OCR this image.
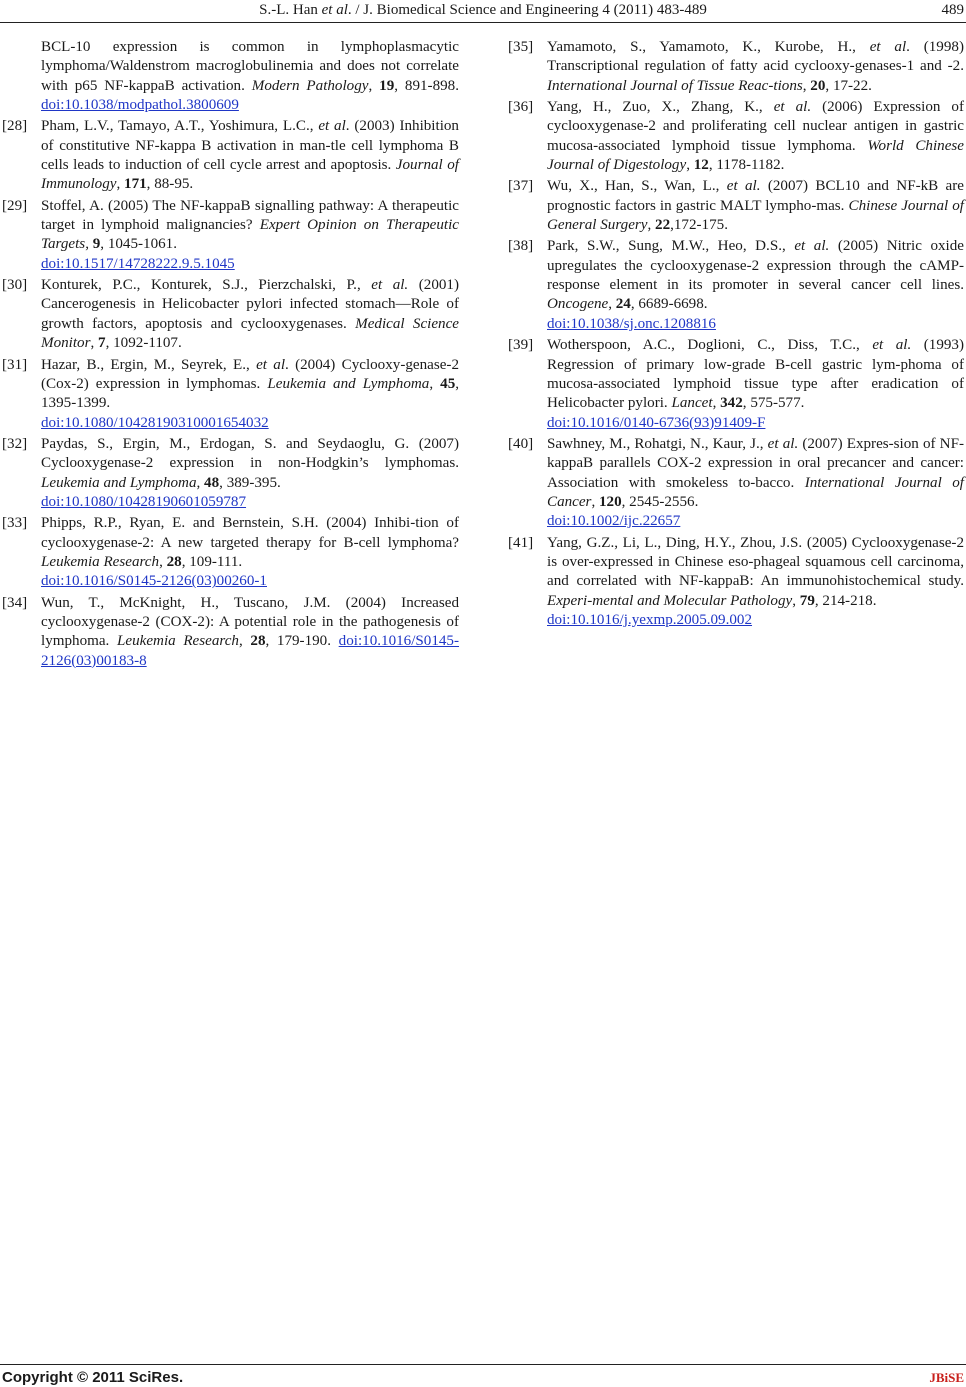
S.-L. Han et al. / J. Biomedical Science and Engineering 4 (2011) 483-489	489
BCL-10 expression is common in lymphoplasmacytic lymphoma/Waldenstrom macroglobulinemia and does not correlate with p65 NF-kappaB activation. Modern Pathology, 19, 891-898. doi:10.1038/modpathol.3800609
[28] Pham, L.V., Tamayo, A.T., Yoshimura, L.C., et al. (2003) Inhibition of constitutive NF-kappa B activation in man-tle cell lymphoma B cells leads to induction of cell cycle arrest and apoptosis. Journal of Immunology, 171, 88-95.
[29] Stoffel, A. (2005) The NF-kappaB signalling pathway: A therapeutic target in lymphoid malignancies? Expert Opinion on Therapeutic Targets, 9, 1045-1061.
doi:10.1517/14728222.9.5.1045
[30] Konturek, P.C., Konturek, S.J., Pierzchalski, P., et al. (2001) Cancerogenesis in Helicobacter pylori infected stomach—Role of growth factors, apoptosis and cyclooxygenases. Medical Science Monitor, 7, 1092-1107.
[31] Hazar, B., Ergin, M., Seyrek, E., et al. (2004) Cyclooxy-genase-2 (Cox-2) expression in lymphomas. Leukemia and Lymphoma, 45, 1395-1399.
doi:10.1080/10428190310001654032
[32] Paydas, S., Ergin, M., Erdogan, S. and Seydaoglu, G. (2007) Cyclooxygenase-2 expression in non-Hodgkin’s lymphomas. Leukemia and Lymphoma, 48, 389-395.
doi:10.1080/10428190601059787
[33] Phipps, R.P., Ryan, E. and Bernstein, S.H. (2004) Inhibi-tion of cyclooxygenase-2: A new targeted therapy for B-cell lymphoma? Leukemia Research, 28, 109-111.
doi:10.1016/S0145-2126(03)00260-1
[34] Wun, T., McKnight, H., Tuscano, J.M. (2004) Increased cyclooxygenase-2 (COX-2): A potential role in the pathogenesis of lymphoma. Leukemia Research, 28, 179-190. doi:10.1016/S0145-2126(03)00183-8
[35] Yamamoto, S., Yamamoto, K., Kurobe, H., et al. (1998) Transcriptional regulation of fatty acid cyclooxy-genases-1 and -2. International Journal of Tissue Reac-tions, 20, 17-22.
[36] Yang, H., Zuo, X., Zhang, K., et al. (2006) Expression of cyclooxygenase-2 and proliferating cell nuclear antigen in gastric mucosa-associated lymphoid tissue lymphoma. World Chinese Journal of Digestology, 12, 1178-1182.
[37] Wu, X., Han, S., Wan, L., et al. (2007) BCL10 and NF-kB are prognostic factors in gastric MALT lympho-mas. Chinese Journal of General Surgery, 22,172-175.
[38] Park, S.W., Sung, M.W., Heo, D.S., et al. (2005) Nitric oxide upregulates the cyclooxygenase-2 expression through the cAMP-response element in its promoter in several cancer cell lines. Oncogene, 24, 6689-6698.
doi:10.1038/sj.onc.1208816
[39] Wotherspoon, A.C., Doglioni, C., Diss, T.C., et al. (1993) Regression of primary low-grade B-cell gastric lym-phoma of mucosa-associated lymphoid tissue type after eradication of Helicobacter pylori. Lancet, 342, 575-577.
doi:10.1016/0140-6736(93)91409-F
[40] Sawhney, M., Rohatgi, N., Kaur, J., et al. (2007) Expres-sion of NF-kappaB parallels COX-2 expression in oral precancer and cancer: Association with smokeless to-bacco. International Journal of Cancer, 120, 2545-2556.
doi:10.1002/ijc.22657
[41] Yang, G.Z., Li, L., Ding, H.Y., Zhou, J.S. (2005) Cyclooxygenase-2 is over-expressed in Chinese eso-phageal squamous cell carcinoma, and correlated with NF-kappaB: An immunohistochemical study. Experi-mental and Molecular Pathology, 79, 214-218.
doi:10.1016/j.yexmp.2005.09.002
Copyright © 2011 SciRes.	JBiSE
